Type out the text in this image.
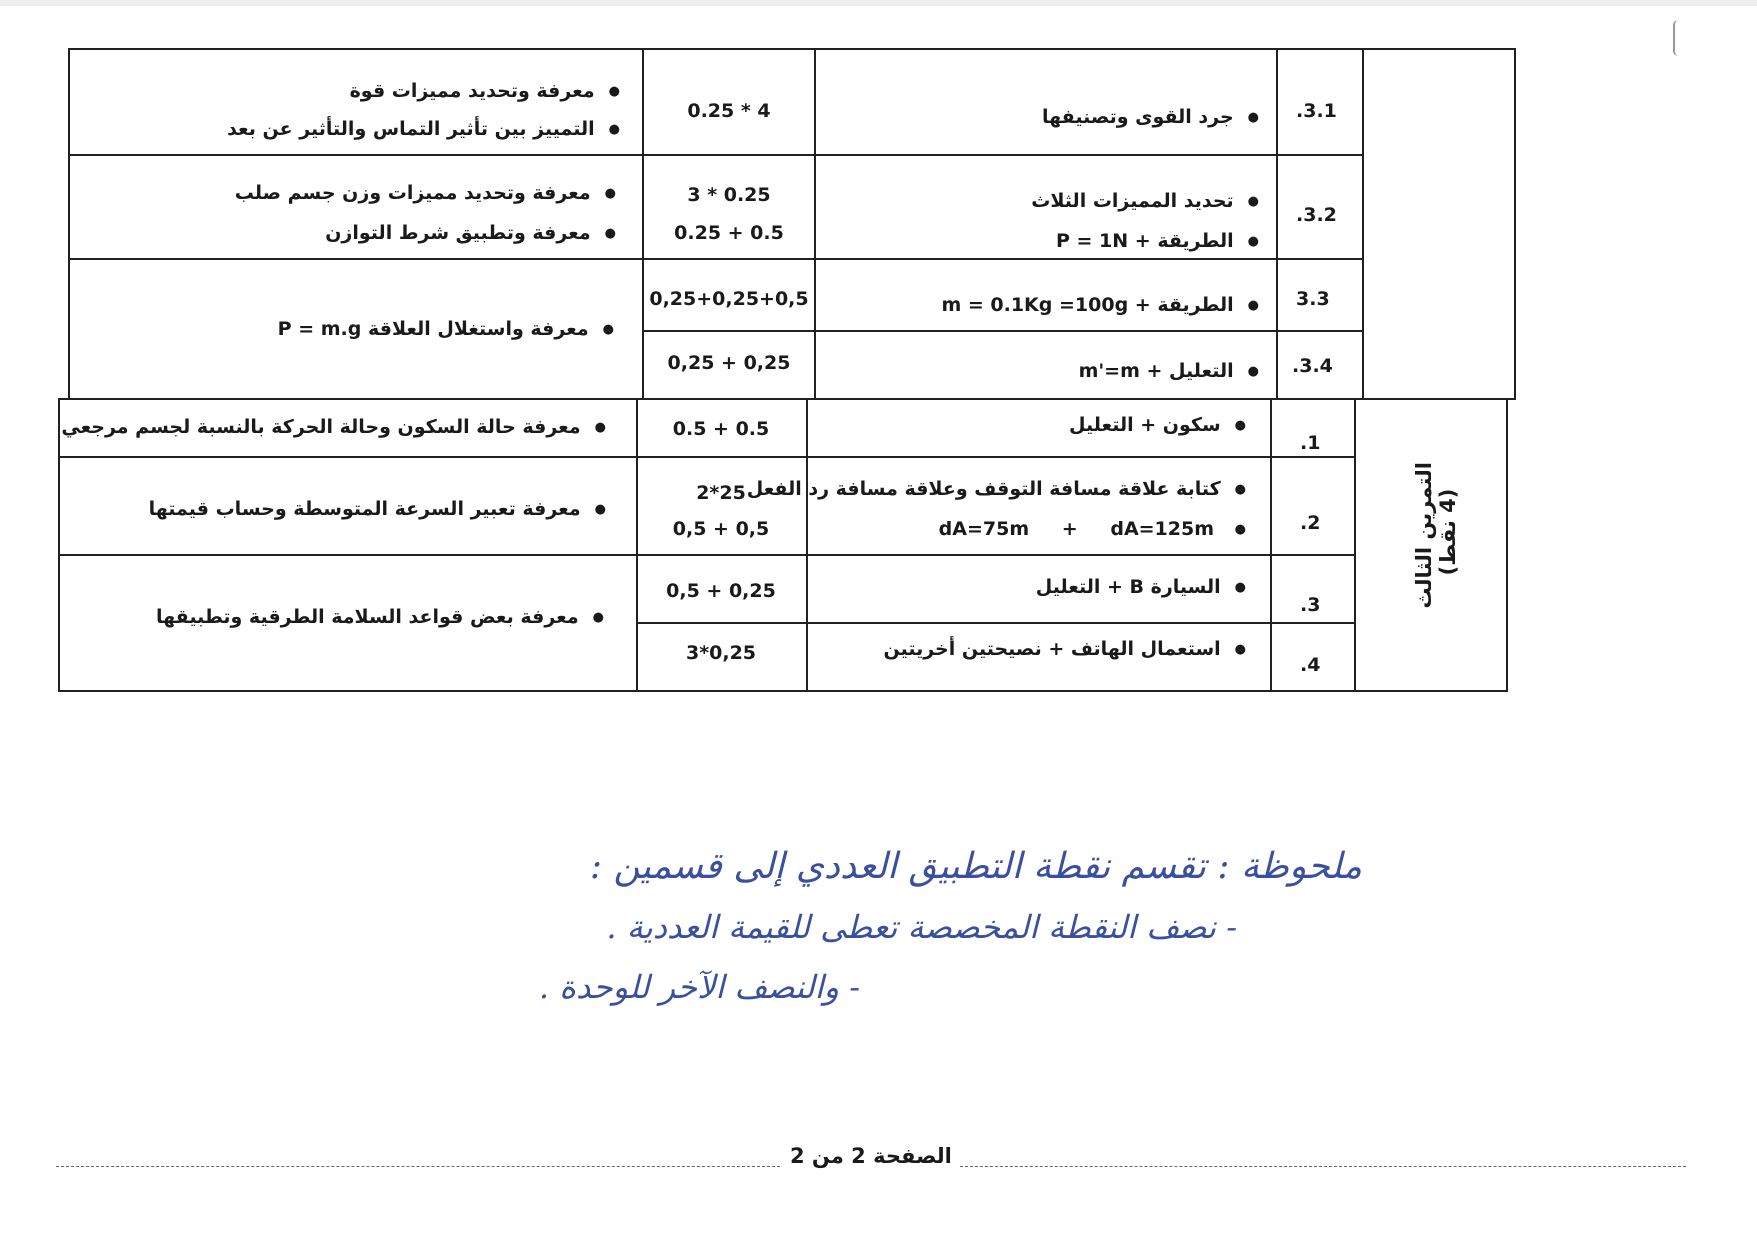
.3.1
●جرد القوى وتصنيفها
0.25 * 4
●معرفة وتحديد مميزات قوة
●التمييز بين تأثير التماس والتأثير عن بعد
.3.2
●تحديد المميزات الثلاث
●الطريقة + P = 1N
3 * 0.25
0.25 + 0.5
●معرفة وتحديد مميزات وزن جسم صلب
●معرفة وتطبيق شرط التوازن
3.3
●الطريقة + m = 0.1Kg =100g
0,25+0,25+0,5
●معرفة واستغلال العلاقة P = m.g
.3.4
●التعليل + m'=m
0,25 + 0,25
التمرين الثالث (4 نقط)
.1
●سكون + التعليل
0.5 + 0.5
●معرفة حالة السكون وحالة الحركة بالنسبة لجسم مرجعي
.2
●كتابة علاقة مسافة التوقف وعلاقة مسافة رد الفعل
dA=75m + dA=125m ●
2*25
0,5 + 0,5
●معرفة تعبير السرعة المتوسطة وحساب قيمتها
.3
●السيارة B + التعليل
0,5 + 0,25
●معرفة بعض قواعد السلامة الطرقية وتطبيقها
.4
●استعمال الهاتف + نصيحتين أخريتين
3*0,25
ملحوظة : تقسم نقطة التطبيق العددي إلى قسمين :
- نصف النقطة المخصصة تعطى للقيمة العددية .
- والنصف الآخر للوحدة .
الصفحة 2 من 2
